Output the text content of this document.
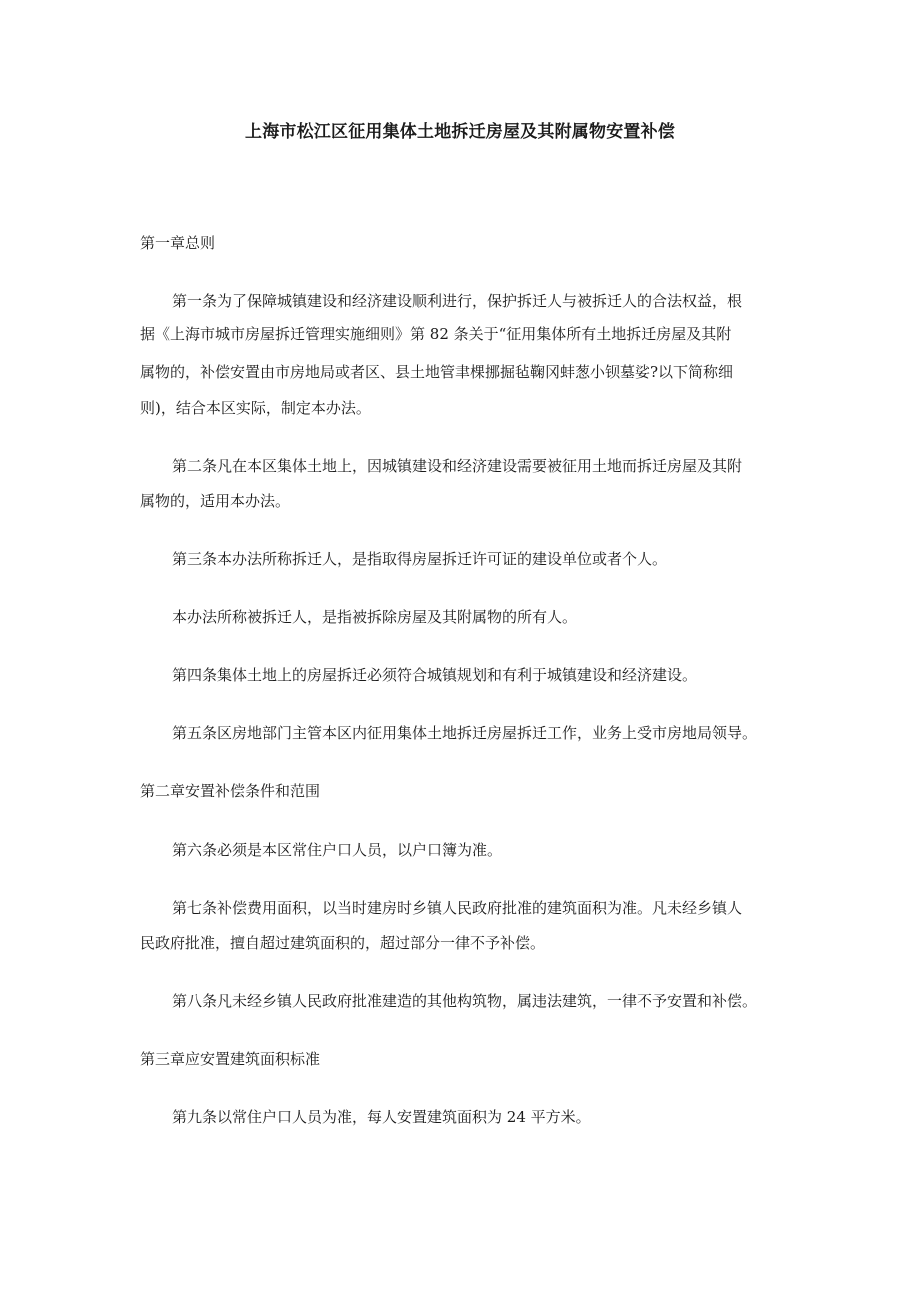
上海市松江区征用集体土地拆迁房屋及其附属物安置补偿
第一章总则
第一条为了保障城镇建设和经济建设顺利进行，保护拆迁人与被拆迁人的合法权益，根
据《上海市城市房屋拆迁管理实施细则》第 82 条关于“征用集体所有土地拆迁房屋及其附
属物的，补偿安置由市房地局或者区、县土地管聿棵挪掘毡鞠冈蚌葱小钡墓娑?以下简称细
则)，结合本区实际，制定本办法。
第二条凡在本区集体土地上，因城镇建设和经济建设需要被征用土地而拆迁房屋及其附
属物的，适用本办法。
第三条本办法所称拆迁人，是指取得房屋拆迁许可证的建设单位或者个人。
本办法所称被拆迁人，是指被拆除房屋及其附属物的所有人。
第四条集体土地上的房屋拆迁必须符合城镇规划和有利于城镇建设和经济建设。
第五条区房地部门主管本区内征用集体土地拆迁房屋拆迁工作，业务上受市房地局领导。
第二章安置补偿条件和范围
第六条必须是本区常住户口人员，以户口簿为准。
第七条补偿费用面积，以当时建房时乡镇人民政府批准的建筑面积为准。凡未经乡镇人
民政府批准，擅自超过建筑面积的，超过部分一律不予补偿。
第八条凡未经乡镇人民政府批准建造的其他构筑物，属违法建筑，一律不予安置和补偿。
第三章应安置建筑面积标准
第九条以常住户口人员为准，每人安置建筑面积为 24 平方米。
